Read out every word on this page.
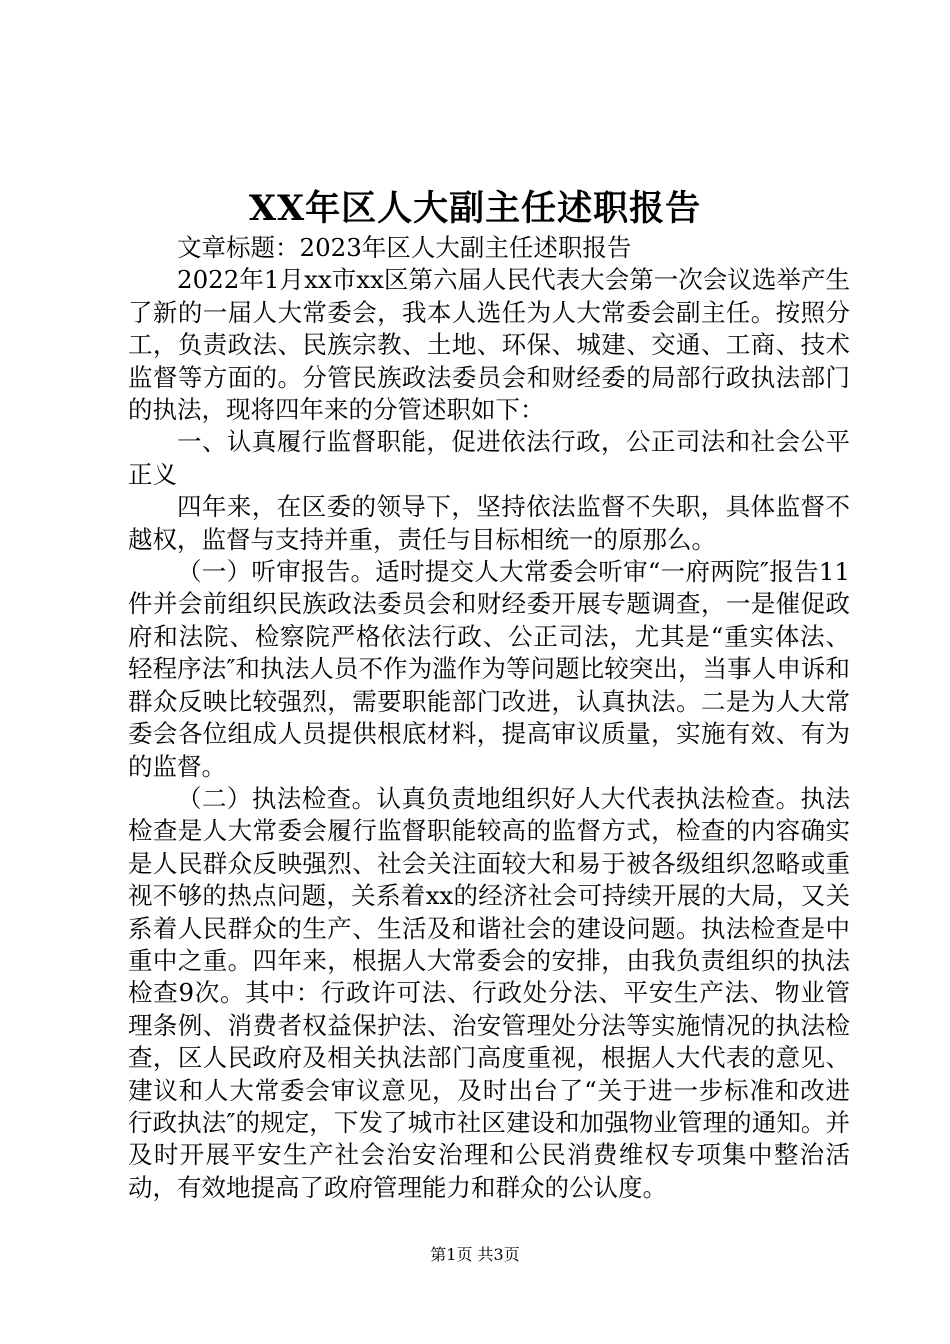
XX年区人大副主任述职报告

文章标题：2023年区人大副主任述职报告

2022年1月xx市xx区第六届人民代表大会第一次会议选举产生了新的一届人大常委会，我本人选任为人大常委会副主任。按照分工，负责政法、民族宗教、土地、环保、城建、交通、工商、技术监督等方面的。分管民族政法委员会和财经委的局部行政执法部门的执法，现将四年来的分管述职如下：

一、认真履行监督职能，促进依法行政，公正司法和社会公平正义

四年来，在区委的领导下，坚持依法监督不失职，具体监督不越权，监督与支持并重，责任与目标相统一的原那么。

（一）听审报告。适时提交人大常委会听审“一府两院″报告11件并会前组织民族政法委员会和财经委开展专题调查，一是催促政府和法院、检察院严格依法行政、公正司法，尤其是“重实体法、轻程序法″和执法人员不作为滥作为等问题比较突出，当事人申诉和群众反映比较强烈，需要职能部门改进，认真执法。二是为人大常委会各位组成人员提供根底材料，提高审议质量，实施有效、有为的监督。

（二）执法检查。认真负责地组织好人大代表执法检查。执法检查是人大常委会履行监督职能较高的监督方式，检查的内容确实是人民群众反映强烈、社会关注面较大和易于被各级组织忽略或重视不够的热点问题，关系着xx的经济社会可持续开展的大局，又关系着人民群众的生产、生活及和谐社会的建设问题。执法检查是中重中之重。四年来，根据人大常委会的安排，由我负责组织的执法检查9次。其中：行政许可法、行政处分法、平安生产法、物业管理条例、消费者权益保护法、治安管理处分法等实施情况的执法检查，区人民政府及相关执法部门高度重视，根据人大代表的意见、建议和人大常委会审议意见，及时出台了“关于进一步标准和改进行政执法″的规定，下发了城市社区建设和加强物业管理的通知。并及时开展平安生产社会治安治理和公民消费维权专项集中整治活动，有效地提高了政府管理能力和群众的公认度。

第1页 共3页
